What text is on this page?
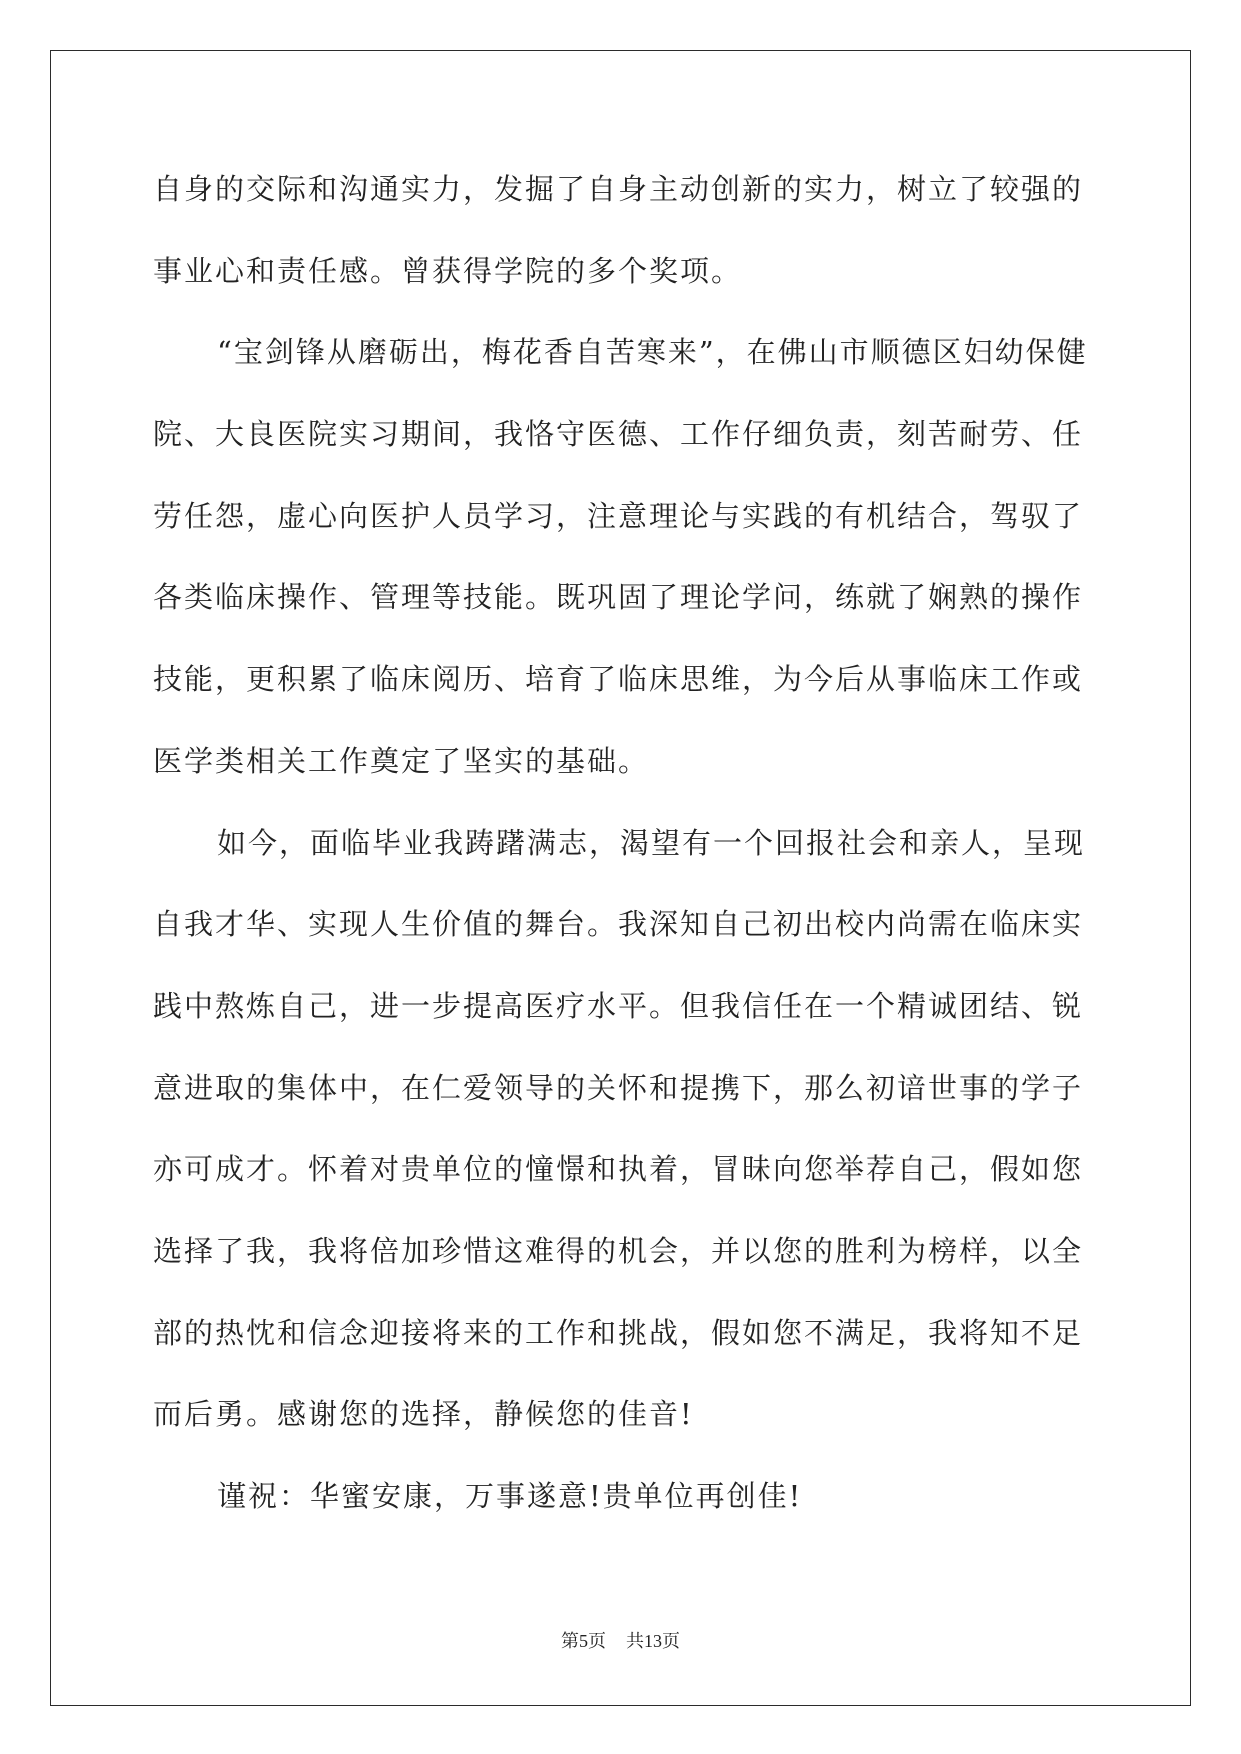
自身的交际和沟通实力，发掘了自身主动创新的实力，树立了较强的
事业心和责任感。曾获得学院的多个奖项。
“宝剑锋从磨砺出，梅花香自苦寒来”，在佛山市顺德区妇幼保健
院、大良医院实习期间，我恪守医德、工作仔细负责，刻苦耐劳、任
劳任怨，虚心向医护人员学习，注意理论与实践的有机结合，驾驭了
各类临床操作、管理等技能。既巩固了理论学问，练就了娴熟的操作
技能，更积累了临床阅历、培育了临床思维，为今后从事临床工作或
医学类相关工作奠定了坚实的基础。
如今，面临毕业我踌躇满志，渴望有一个回报社会和亲人，呈现
自我才华、实现人生价值的舞台。我深知自己初出校内尚需在临床实
践中熬炼自己，进一步提高医疗水平。但我信任在一个精诚团结、锐
意进取的集体中，在仁爱领导的关怀和提携下，那么初谙世事的学子
亦可成才。怀着对贵单位的憧憬和执着，冒昧向您举荐自己，假如您
选择了我，我将倍加珍惜这难得的机会，并以您的胜利为榜样，以全
部的热忱和信念迎接将来的工作和挑战，假如您不满足，我将知不足
而后勇。感谢您的选择，静候您的佳音!
谨祝：华蜜安康，万事遂意!贵单位再创佳!
第5页 共13页
